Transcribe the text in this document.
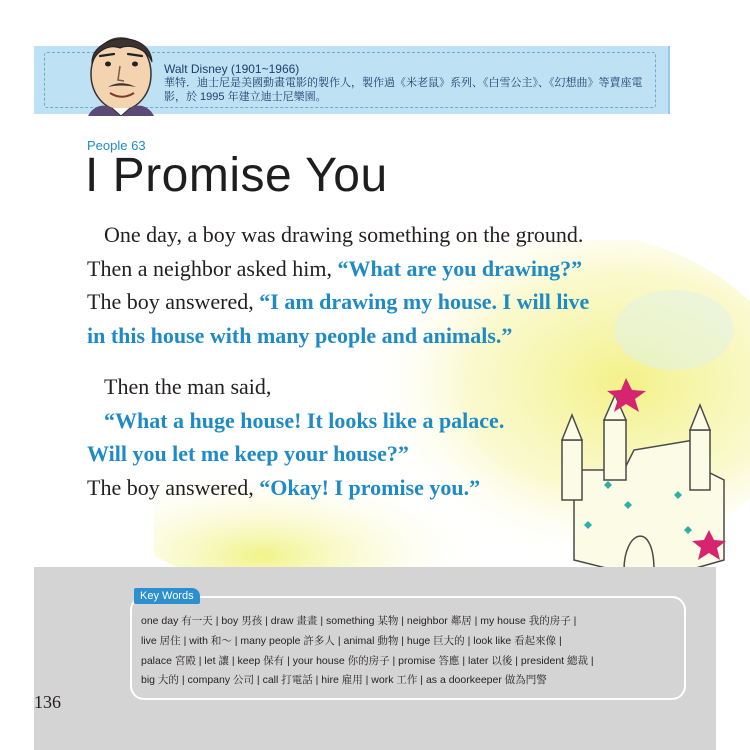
Walt Disney (1901~1966)
華特．迪士尼是美國動畫電影的製作人，製作過《米老鼠》系列、《白雪公主》、《幻想曲》等賣座電影，於 1995 年建立迪士尼樂園。
People 63
I Promise You

One day, a boy was drawing something on the ground.

Then a neighbor asked him, “What are you drawing?”

The boy answered, “I am drawing my house. I will live

in this house with many people and animals.”

Then the man said,

“What a huge house! It looks like a palace.

Will you let me keep your house?”

The boy answered, “Okay! I promise you.”

Key Words
one day 有一天 | boy 男孩 | draw 畫畫 | something 某物 | neighbor 鄰居 | my house 我的房子 |
live 居住 | with 和～ | many people 許多人 | animal 動物 | huge 巨大的 | look like 看起來像 |
palace 宮殿 | let 讓 | keep 保有 | your house 你的房子 | promise 答應 | later 以後 | president 總裁 |
big 大的 | company 公司 | call 打電話 | hire 雇用 | work 工作 | as a doorkeeper 做為門警
136
